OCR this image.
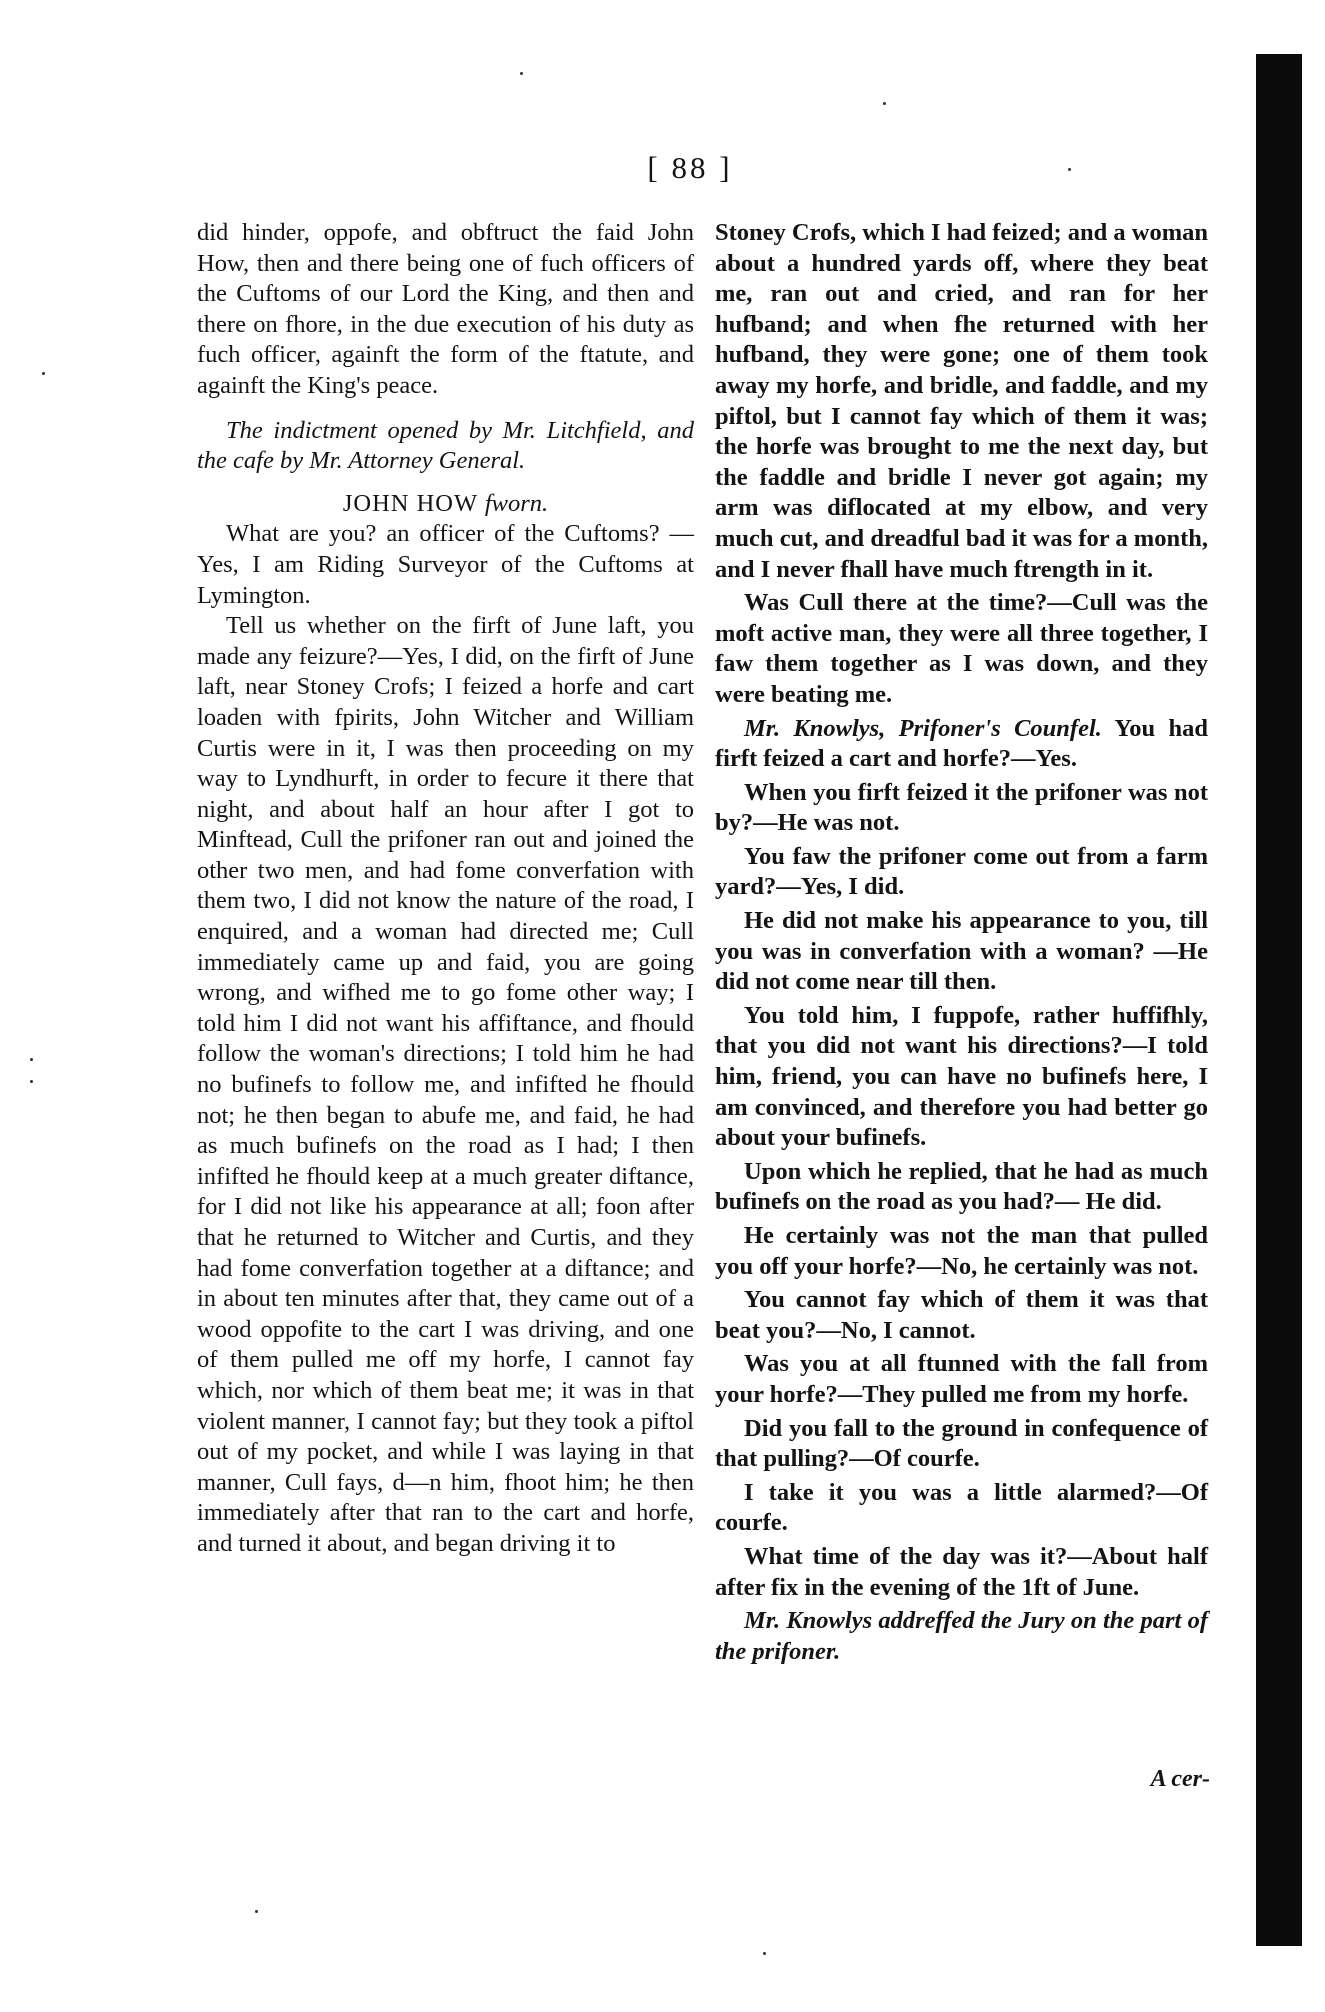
[ 88 ]

did hinder, oppofe, and obftruct the faid John How, then and there being one of fuch officers of the Cuftoms of our Lord the King, and then and there on fhore, in the due execution of his duty as fuch officer, againft the form of the ftatute, and againft the King's peace.

The indictment opened by Mr. Litchfield, and the cafe by Mr. Attorney General.

JOHN HOW fworn.

What are you? an officer of the Cuftoms? —Yes, I am Riding Surveyor of the Cuftoms at Lymington.

Tell us whether on the firft of June laft, you made any feizure?—Yes, I did, on the firft of June laft, near Stoney Crofs; I feized a horfe and cart loaden with fpirits, John Witcher and William Curtis were in it, I was then proceeding on my way to Lyndhurft, in order to fecure it there that night, and about half an hour after I got to Minftead, Cull the prifoner ran out and joined the other two men, and had fome converfation with them two, I did not know the nature of the road, I enquired, and a woman had directed me; Cull immediately came up and faid, you are going wrong, and wifhed me to go fome other way; I told him I did not want his affiftance, and fhould follow the woman's directions; I told him he had no bufinefs to follow me, and infifted he fhould not; he then began to abufe me, and faid, he had as much bufinefs on the road as I had; I then infifted he fhould keep at a much greater diftance, for I did not like his appearance at all; foon after that he returned to Witcher and Curtis, and they had fome converfation together at a diftance; and in about ten minutes after that, they came out of a wood oppofite to the cart I was driving, and one of them pulled me off my horfe, I cannot fay which, nor which of them beat me; it was in that violent manner, I cannot fay; but they took a piftol out of my pocket, and while I was laying in that manner, Cull fays, d—n him, fhoot him; he then immediately after that ran to the cart and horfe, and turned it about, and began driving it to

Stoney Crofs, which I had feized; and a woman about a hundred yards off, where they beat me, ran out and cried, and ran for her hufband; and when fhe returned with her hufband, they were gone; one of them took away my horfe, and bridle, and faddle, and my piftol, but I cannot fay which of them it was; the horfe was brought to me the next day, but the faddle and bridle I never got again; my arm was diflocated at my elbow, and very much cut, and dreadful bad it was for a month, and I never fhall have much ftrength in it.

Was Cull there at the time?—Cull was the moft active man, they were all three together, I faw them together as I was down, and they were beating me.

Mr. Knowlys, Prifoner's Counfel. You had firft feized a cart and horfe?—Yes.

When you firft feized it the prifoner was not by?—He was not.

You faw the prifoner come out from a farm yard?—Yes, I did.

He did not make his appearance to you, till you was in converfation with a woman? —He did not come near till then.

You told him, I fuppofe, rather huffifhly, that you did not want his directions?—I told him, friend, you can have no bufinefs here, I am convinced, and therefore you had better go about your bufinefs.

Upon which he replied, that he had as much bufinefs on the road as you had?— He did.

He certainly was not the man that pulled you off your horfe?—No, he certainly was not.

You cannot fay which of them it was that beat you?—No, I cannot.

Was you at all ftunned with the fall from your horfe?—They pulled me from my horfe.

Did you fall to the ground in confequence of that pulling?—Of courfe.

I take it you was a little alarmed?—Of courfe.

What time of the day was it?—About half after fix in the evening of the 1ft of June.

Mr. Knowlys addreffed the Jury on the part of the prifoner.

A cer-
